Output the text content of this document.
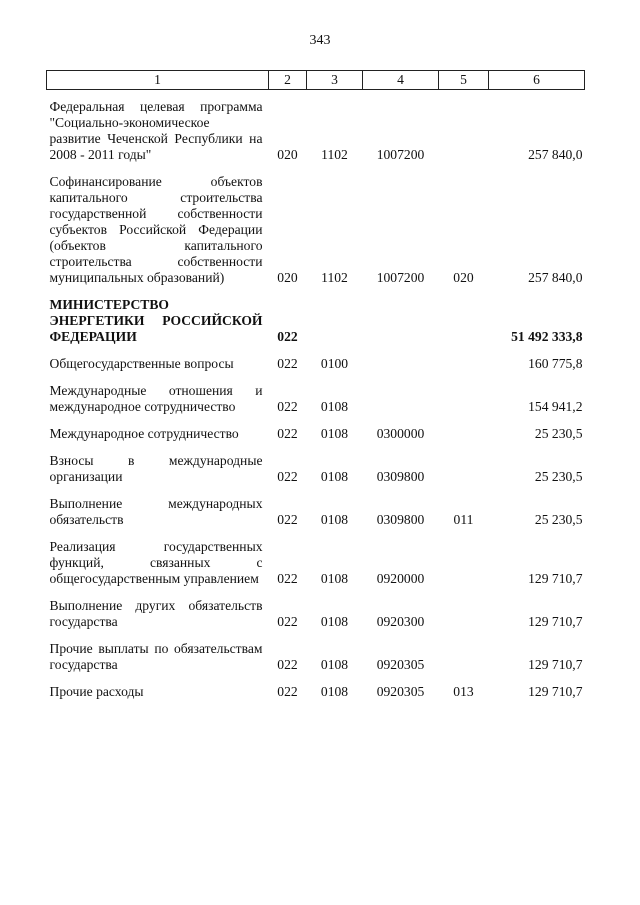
343
1	2	3	4	5	6
Федеральная целевая программа "Социально-экономическое развитие Чеченской Республики на 2008 - 2011 годы"	020	1102	1007200		257 840,0
Софинансирование объектов капитального строительства государственной собственности субъектов Российской Федерации (объектов капитального строительства собственности муниципальных образований)	020	1102	1007200	020	257 840,0
МИНИСТЕРСТВО ЭНЕРГЕТИКИ РОССИЙСКОЙ ФЕДЕРАЦИИ	022				51 492 333,8
Общегосударственные вопросы	022	0100			160 775,8
Международные отношения и международное сотрудничество	022	0108			154 941,2
Международное сотрудничество	022	0108	0300000		25 230,5
Взносы в международные организации	022	0108	0309800		25 230,5
Выполнение международных обязательств	022	0108	0309800	011	25 230,5
Реализация государственных функций, связанных с общегосударственным управлением	022	0108	0920000		129 710,7
Выполнение других обязательств государства	022	0108	0920300		129 710,7
Прочие выплаты по обязательствам государства	022	0108	0920305		129 710,7
Прочие расходы	022	0108	0920305	013	129 710,7
